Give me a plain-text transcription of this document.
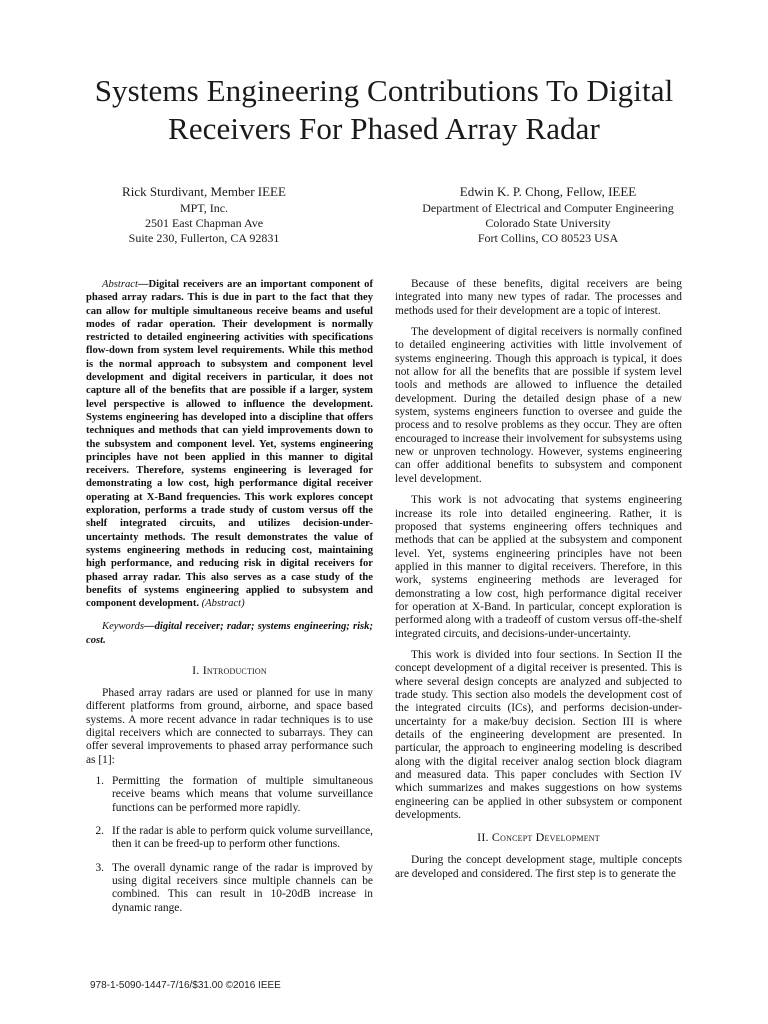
Systems Engineering Contributions To Digital Receivers For Phased Array Radar
Rick Sturdivant, Member IEEE
MPT, Inc.
2501 East Chapman Ave
Suite 230, Fullerton, CA 92831
Edwin K. P. Chong, Fellow, IEEE
Department of Electrical and Computer Engineering
Colorado State University
Fort Collins, CO 80523 USA

Abstract—Digital receivers are an important component of phased array radars. This is due in part to the fact that they can allow for multiple simultaneous receive beams and useful modes of radar operation. Their development is normally restricted to detailed engineering activities with specifications flow-down from system level requirements. While this method is the normal approach to subsystem and component level development and digital receivers in particular, it does not capture all of the benefits that are possible if a larger, system level perspective is allowed to influence the development. Systems engineering has developed into a discipline that offers techniques and methods that can yield improvements down to the subsystem and component level. Yet, systems engineering principles have not been applied in this manner to digital receivers. Therefore, systems engineering is leveraged for demonstrating a low cost, high performance digital receiver operating at X-Band frequencies. This work explores concept exploration, performs a trade study of custom versus off the shelf integrated circuits, and utilizes decision-under-uncertainty methods. The result demonstrates the value of systems engineering methods in reducing cost, maintaining high performance, and reducing risk in digital receivers for phased array radar. This also serves as a case study of the benefits of systems engineering applied to subsystem and component development. (Abstract)

Keywords—digital receiver; radar; systems engineering; risk; cost.

I. Introduction

Phased array radars are used or planned for use in many different platforms from ground, airborne, and space based systems. A more recent advance in radar techniques is to use digital receivers which are connected to subarrays. They can offer several improvements to phased array performance such as [1]:

1. Permitting the formation of multiple simultaneous receive beams which means that volume surveillance functions can be performed more rapidly.
2. If the radar is able to perform quick volume surveillance, then it can be freed-up to perform other functions.
3. The overall dynamic range of the radar is improved by using digital receivers since multiple channels can be combined. This can result in 10-20dB increase in dynamic range.

Because of these benefits, digital receivers are being integrated into many new types of radar. The processes and methods used for their development are a topic of interest.

The development of digital receivers is normally confined to detailed engineering activities with little involvement of systems engineering. Though this approach is typical, it does not allow for all the benefits that are possible if system level tools and methods are allowed to influence the detailed development. During the detailed design phase of a new system, systems engineers function to oversee and guide the process and to resolve problems as they occur. They are often encouraged to increase their involvement for subsystems using new or unproven technology. However, systems engineering can offer additional benefits to subsystem and component level development.

This work is not advocating that systems engineering increase its role into detailed engineering. Rather, it is proposed that systems engineering offers techniques and methods that can be applied at the subsystem and component level. Yet, systems engineering principles have not been applied in this manner to digital receivers. Therefore, in this work, systems engineering methods are leveraged for demonstrating a low cost, high performance digital receiver for operation at X-Band. In particular, concept exploration is performed along with a tradeoff of custom versus off-the-shelf integrated circuits, and decisions-under-uncertainty.

This work is divided into four sections. In Section II the concept development of a digital receiver is presented. This is where several design concepts are analyzed and subjected to trade study. This section also models the development cost of the integrated circuits (ICs), and performs decision-under-uncertainty for a make/buy decision. Section III is where details of the engineering development are presented. In particular, the approach to engineering modeling is described along with the digital receiver analog section block diagram and measured data. This paper concludes with Section IV which summarizes and makes suggestions on how systems engineering can be applied in other subsystem or component developments.

II. Concept Development

During the concept development stage, multiple concepts are developed and considered. The first step is to generate the

978-1-5090-1447-7/16/$31.00 ©2016 IEEE
